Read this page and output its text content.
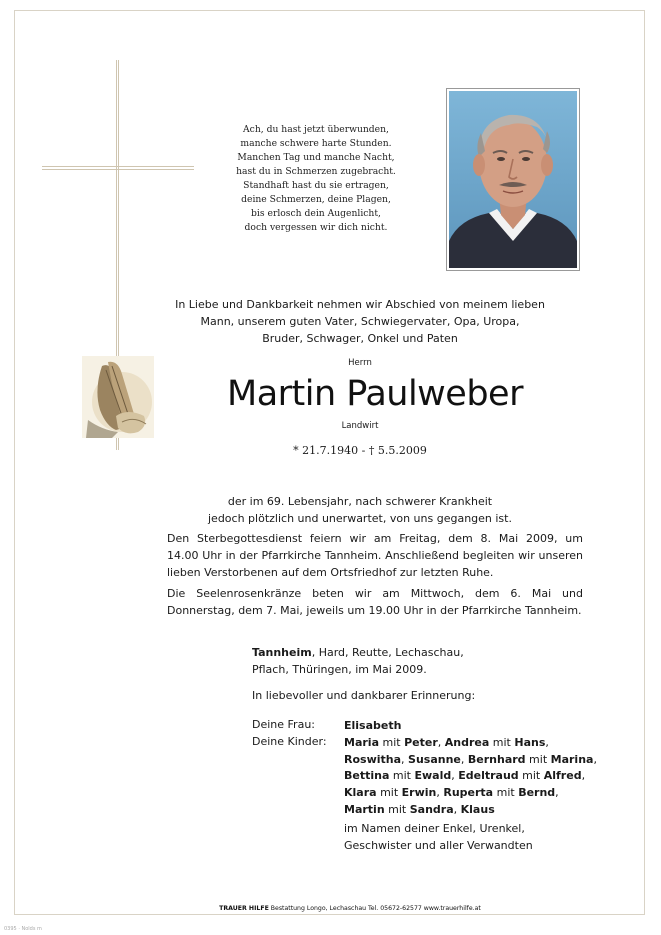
Ach, du hast jetzt überwunden,
manche schwere harte Stunden.
Manchen Tag und manche Nacht,
hast du in Schmerzen zugebracht.
Standhaft hast du sie ertragen,
deine Schmerzen, deine Plagen,
bis erlosch dein Augenlicht,
doch vergessen wir dich nicht.
In Liebe und Dankbarkeit nehmen wir Abschied von meinem lieben
Mann, unserem guten Vater, Schwiegervater, Opa, Uropa,
Bruder, Schwager, Onkel und Paten
Herrn
Martin Paulweber
Landwirt
* 21.7.1940 - † 5.5.2009
der im 69. Lebensjahr, nach schwerer Krankheit
jedoch plötzlich und unerwartet, von uns gegangen ist.
Den Sterbegottesdienst feiern wir am Freitag, dem 8. Mai 2009, um
14.00 Uhr in der Pfarrkirche Tannheim. Anschließend begleiten wir unseren
lieben Verstorbenen auf dem Ortsfriedhof zur letzten Ruhe.
Die Seelenrosenkränze beten wir am Mittwoch, dem 6. Mai und
Donnerstag, dem 7. Mai, jeweils um 19.00 Uhr in der Pfarrkirche Tannheim.
Tannheim, Hard, Reutte, Lechaschau,
Pflach, Thüringen, im Mai 2009.
In liebevoller und dankbarer Erinnerung:
Deine Frau:
Deine Kinder:
Elisabeth
Maria mit Peter, Andrea mit Hans,
Roswitha, Susanne, Bernhard mit Marina,
Bettina mit Ewald, Edeltraud mit Alfred,
Klara mit Erwin, Ruperta mit Bernd,
Martin mit Sandra, Klaus
im Namen deiner Enkel, Urenkel,
Geschwister und aller Verwandten
TRAUER HILFE Bestattung Longo, Lechaschau Tel. 05672-62577 www.trauerhilfe.at
0395 · Nolds m
